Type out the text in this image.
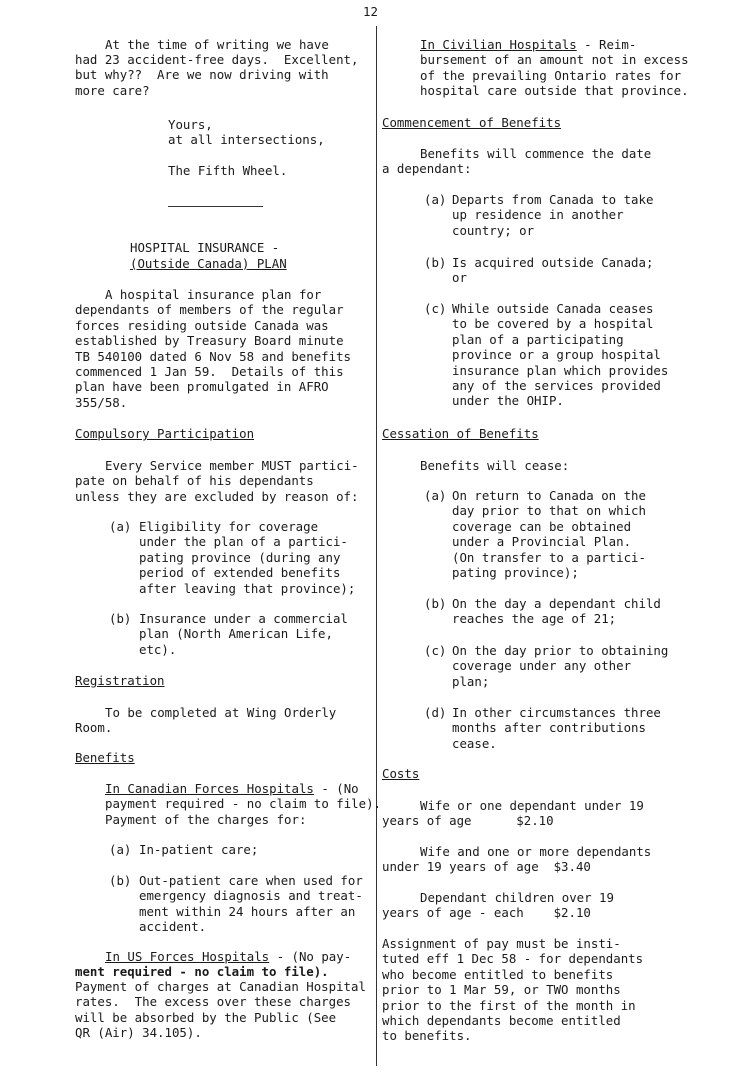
12
At the time of writing we have
had 23 accident-free days.  Excellent,
but why??  Are we now driving with
more care?
Yours,
at all intersections,
The Fifth Wheel.
HOSPITAL INSURANCE -
(Outside Canada) PLAN
A hospital insurance plan for
dependants of members of the regular
forces residing outside Canada was
established by Treasury Board minute
TB 540100 dated 6 Nov 58 and benefits
commenced 1 Jan 59.  Details of this
plan have been promulgated in AFRO
355/58.
Compulsory Participation
Every Service member MUST partici-
pate on behalf of his dependants
unless they are excluded by reason of:
(a) Eligibility for coverage
under the plan of a partici-
pating province (during any
period of extended benefits
after leaving that province);
(b) Insurance under a commercial
plan (North American Life,
etc).
Registration
To be completed at Wing Orderly
Room.
Benefits
In Canadian Forces Hospitals - (No
payment required - no claim to file).
Payment of the charges for:
(a) In-patient care;
(b) Out-patient care when used for
emergency diagnosis and treat-
ment within 24 hours after an
accident.
In US Forces Hospitals - (No pay-
ment required - no claim to file).
Payment of charges at Canadian Hospital
rates.  The excess over these charges
will be absorbed by the Public (See
QR (Air) 34.105).
In Civilian Hospitals - Reim-
bursement of an amount not in excess
of the prevailing Ontario rates for
hospital care outside that province.
Commencement of Benefits
Benefits will commence the date
a dependant:
(a) Departs from Canada to take
up residence in another
country; or
(b) Is acquired outside Canada;
or
(c) While outside Canada ceases
to be covered by a hospital
plan of a participating
province or a group hospital
insurance plan which provides
any of the services provided
under the OHIP.
Cessation of Benefits
Benefits will cease:
(a) On return to Canada on the
day prior to that on which
coverage can be obtained
under a Provincial Plan.
(On transfer to a partici-
pating province);
(b) On the day a dependant child
reaches the age of 21;
(c) On the day prior to obtaining
coverage under any other
plan;
(d) In other circumstances three
months after contributions
cease.
Costs
Wife or one dependant under 19
years of age      $2.10
Wife and one or more dependants
under 19 years of age  $3.40
Dependant children over 19
years of age - each    $2.10
Assignment of pay must be insti-
tuted eff 1 Dec 58 - for dependants
who become entitled to benefits
prior to 1 Mar 59, or TWO months
prior to the first of the month in
which dependants become entitled
to benefits.
